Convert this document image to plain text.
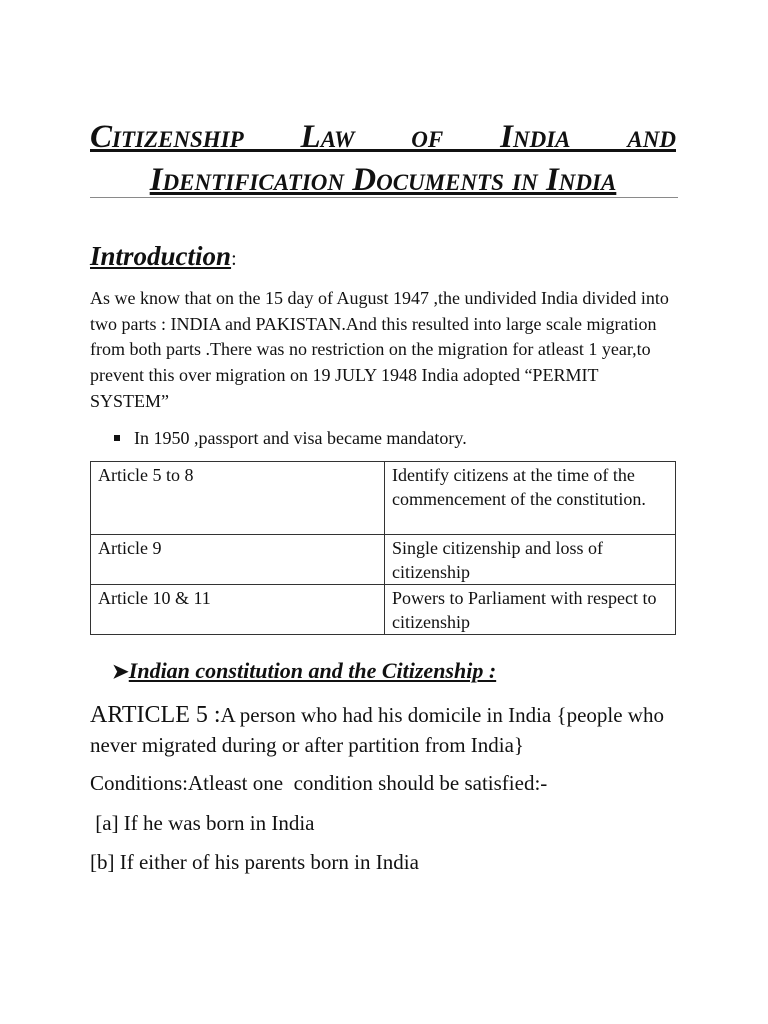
Citizenship Law of India and
Identification Documents in India
Introduction:

As we know that on the 15 day of August 1947 ,the undivided India divided into two parts : INDIA and PAKISTAN.And this resulted into large scale migration from both parts .There was no restriction on the migration for atleast 1 year,to prevent this over migration on 19 JULY 1948 India adopted “PERMIT SYSTEM”

In 1950 ,passport and visa became mandatory.
Article 5 to 8	Identify citizens at the time of the commencement of the constitution.
Article 9	Single citizenship and loss of citizenship
Article 10 & 11	Powers to Parliament with respect to citizenship
➤Indian constitution and the Citizenship :

ARTICLE 5 :A person who had his domicile in India {people who never migrated during or after partition from India}

Conditions:Atleast one  condition should be satisfied:-
[a] If he was born in India
[b] If either of his parents born in India
